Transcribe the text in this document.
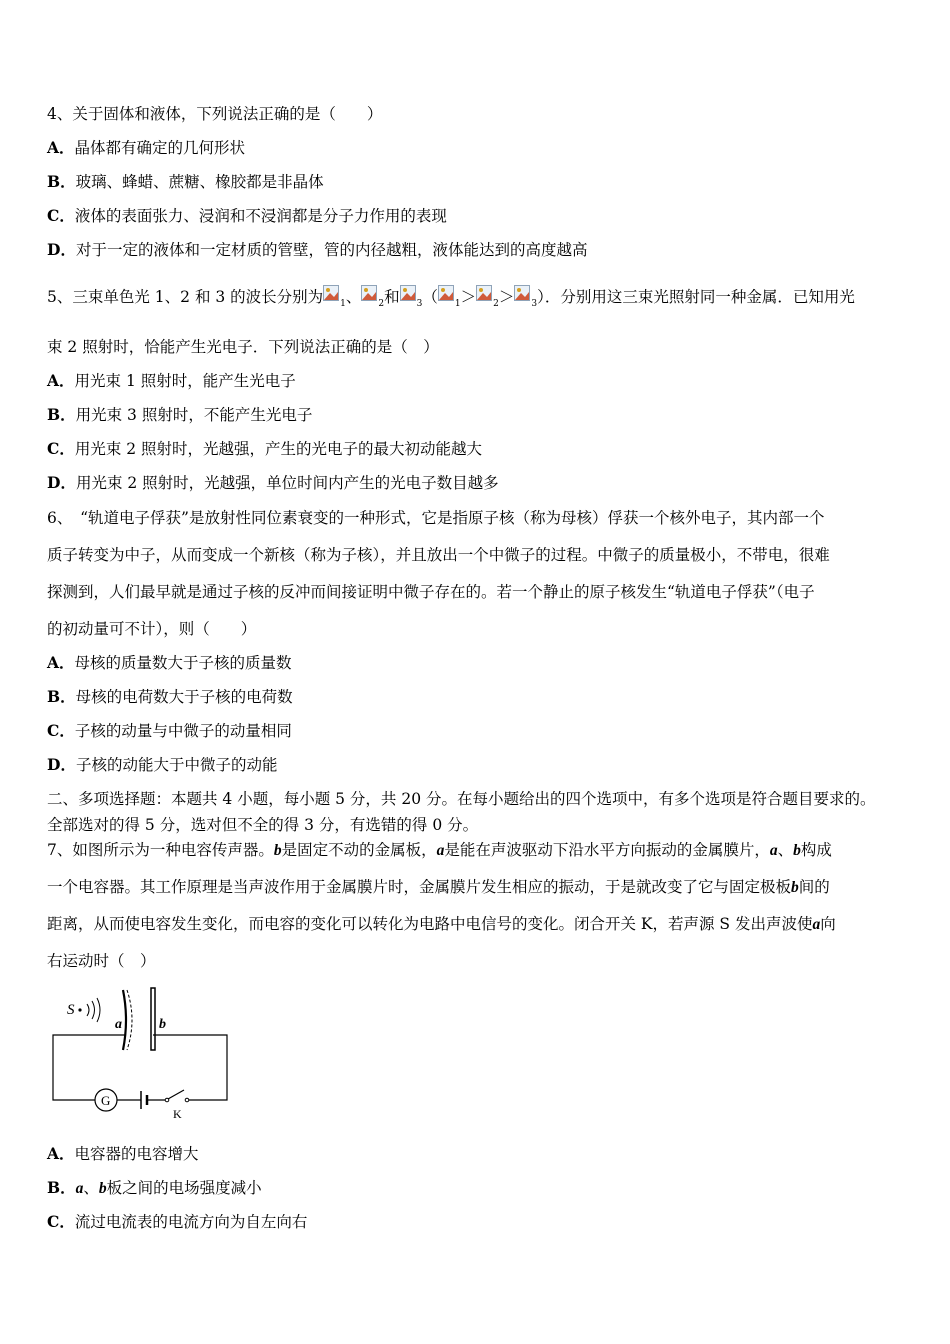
4、关于固体和液体，下列说法正确的是（　　）
A．晶体都有确定的几何形状
B．玻璃、蜂蜡、蔗糖、橡胶都是非晶体
C．液体的表面张力、浸润和不浸润都是分子力作用的表现
D．对于一定的液体和一定材质的管壁，管的内径越粗，液体能达到的高度越高
5、三束单色光 1、2 和 3 的波长分别为 $_1$、 $_2$和 $_3$（ $_1$＞ $_2$＞ $_3$）．分别用这三束光照射同一种金属．已知用光
束 2 照射时，恰能产生光电子．下列说法正确的是（　）
A．用光束 1 照射时，能产生光电子
B．用光束 3 照射时，不能产生光电子
C．用光束 2 照射时，光越强，产生的光电子的最大初动能越大
D．用光束 2 照射时，光越强，单位时间内产生的光电子数目越多
6、　“轨道电子俘获”是放射性同位素衰变的一种形式，它是指原子核（称为母核）俘获一个核外电子，其内部一个
质子转变为中子，从而变成一个新核（称为子核），并且放出一个中微子的过程。中微子的质量极小，不带电，很难
探测到，人们最早就是通过子核的反冲而间接证明中微子存在的。若一个静止的原子核发生“轨道电子俘获”（电子
的初动量可不计），则（　　）
A．母核的质量数大于子核的质量数
B．母核的电荷数大于子核的电荷数
C．子核的动量与中微子的动量相同
D．子核的动能大于中微子的动能
二、多项选择题：本题共 4 小题，每小题 5 分，共 20 分。在每小题给出的四个选项中，有多个选项是符合题目要求的。
全部选对的得 5 分，选对但不全的得 3 分，有选错的得 0 分。
7、如图所示为一种电容传声器。b是固定不动的金属板，a是能在声波驱动下沿水平方向振动的金属膜片，a、b构成
一个电容器。其工作原理是当声波作用于金属膜片时，金属膜片发生相应的振动，于是就改变了它与固定极板b间的
距离，从而使电容发生变化，而电容的变化可以转化为电路中电信号的变化。闭合开关 K，若声源 S 发出声波使a向
右运动时（　）
S
a	b
G
K
A．电容器的电容增大
B．a、b板之间的电场强度减小
C．流过电流表的电流方向为自左向右
